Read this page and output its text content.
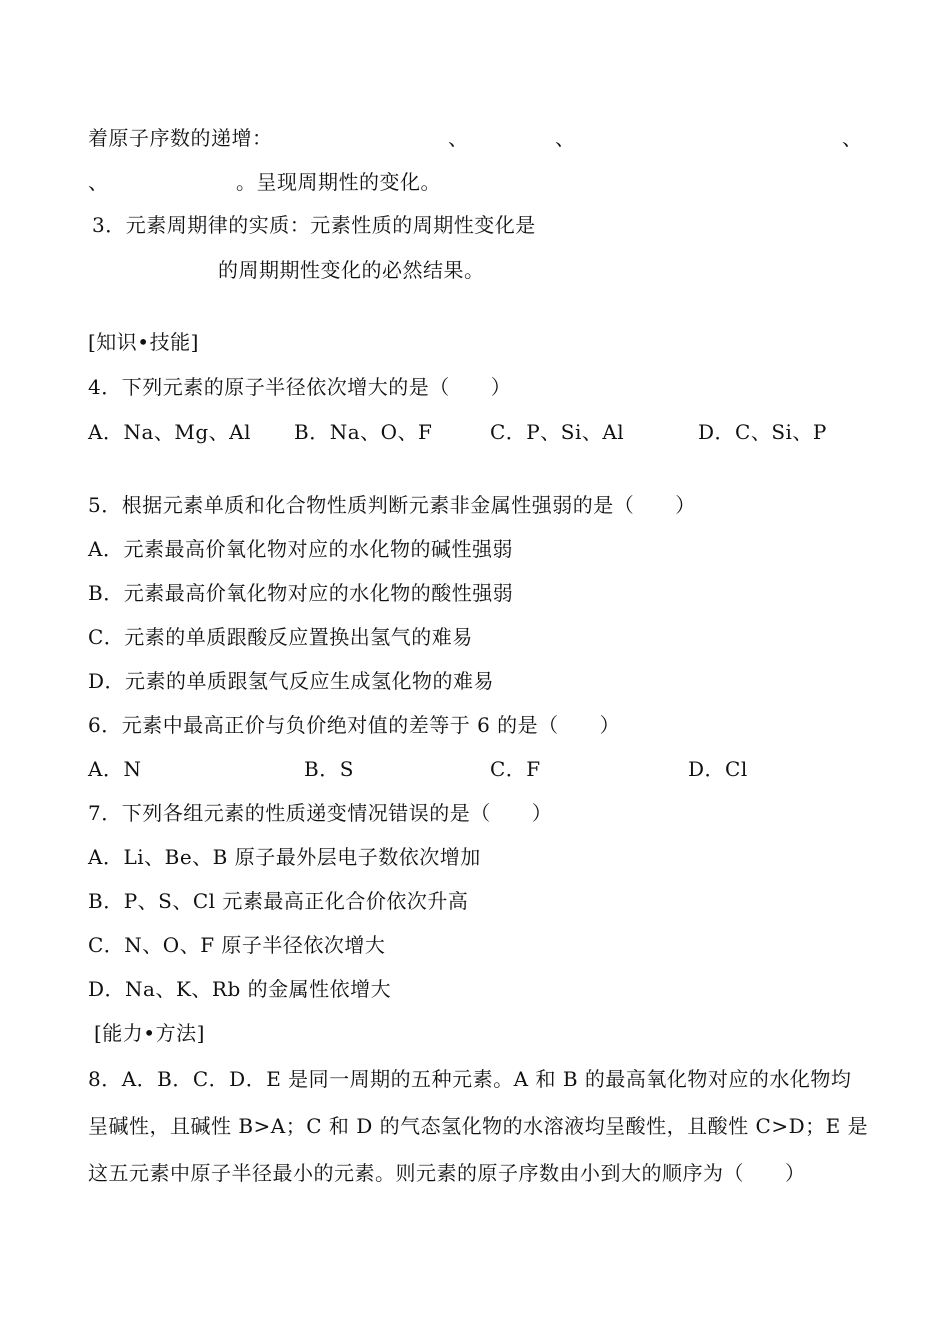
着原子序数的递增：	、	、	、
、	。呈现周期性的变化。
3．元素周期律的实质：元素性质的周期性变化是
的周期期性变化的必然结果。
[知识•技能]
4．下列元素的原子半径依次增大的是（　　）
A．Na、Mg、Al B．Na、O、F	C．P、Si、Al	D．C、Si、P
5．根据元素单质和化合物性质判断元素非金属性强弱的是（　　）
A．元素最高价氧化物对应的水化物的碱性强弱
B．元素最高价氧化物对应的水化物的酸性强弱
C．元素的单质跟酸反应置换出氢气的难易
D．元素的单质跟氢气反应生成氢化物的难易
6．元素中最高正价与负价绝对值的差等于 6 的是（　　）
A．N	B．S	C．F	D．Cl
7．下列各组元素的性质递变情况错误的是（　　）
A．Li、Be、B 原子最外层电子数依次增加
B．P、S、Cl 元素最高正化合价依次升高
C．N、O、F 原子半径依次增大
D．Na、K、Rb 的金属性依增大
[能力•方法]
8．A．B．C．D．E 是同一周期的五种元素。A 和 B 的最高氧化物对应的水化物均
呈碱性，且碱性 B>A；C 和 D 的气态氢化物的水溶液均呈酸性，且酸性 C>D；E 是
这五元素中原子半径最小的元素。则元素的原子序数由小到大的顺序为（　　）
